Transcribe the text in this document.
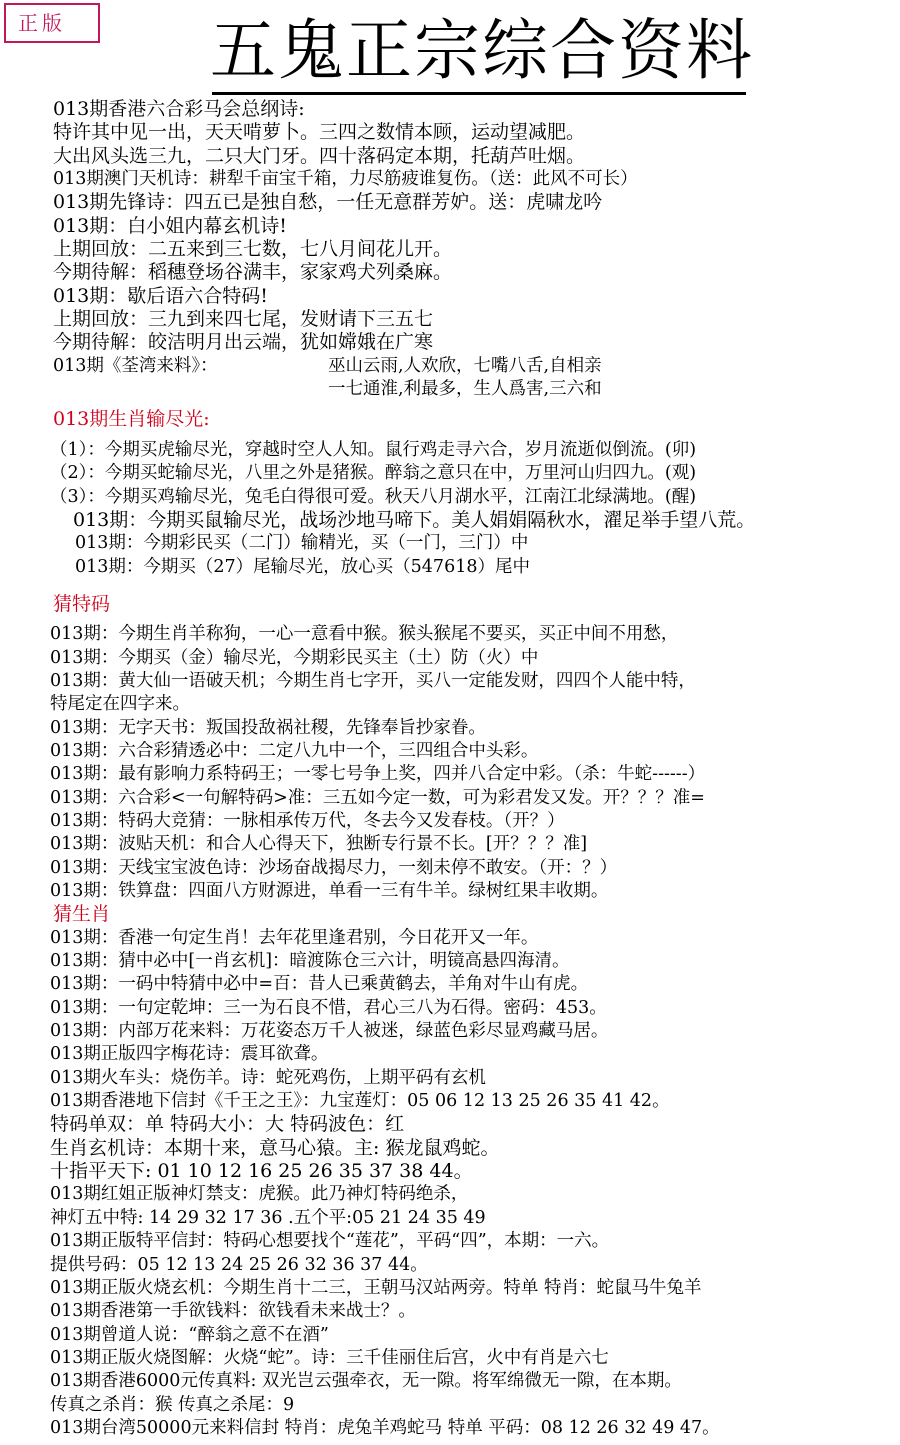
正版	五鬼正宗综合资料
013期香港六合彩马会总纲诗:
特许其中见一出，天天啃萝卜。三四之数情本顾，运动望减肥。
大出风头选三九，二只大门牙。四十落码定本期，托葫芦吐烟。
013期澳门天机诗：耕犁千亩宝千箱，力尽筋疲谁复伤。（送：此风不可长）
013期先锋诗：四五已是独自愁，一任无意群芳妒。送：虎啸龙吟
013期：白小姐内幕玄机诗!
上期回放：二五来到三七数，七八月间花儿开。
今期待解：稻穗登场谷满丰，家家鸡犬列桑麻。
013期：歇后语六合特码!
上期回放：三九到来四七尾，发财请下三五七
今期待解：皎洁明月出云端，犹如嫦娥在广寒
013期《荃湾来料》：	巫山云雨,人欢欣，七嘴八舌,自相亲
一七通淮,利最多，生人爲害,三六和
013期生肖输尽光:
（1）：今期买虎输尽光，穿越时空人人知。鼠行鸡走寻六合，岁月流逝似倒流。(卯)
（2）：今期买蛇输尽光，八里之外是猪猴。醉翁之意只在中，万里河山归四九。(观)
（3）：今期买鸡输尽光，兔毛白得很可爱。秋天八月湖水平，江南江北绿满地。(醒)
013期：今期买鼠输尽光，战场沙地马啼下。美人娟娟隔秋水，濯足举手望八荒。
013期：今期彩民买（二门）输精光，买（一门，三门）中
013期：今期买（27）尾输尽光，放心买（547618）尾中
猜特码
013期：今期生肖羊称狗，一心一意看中猴。猴头猴尾不要买，买正中间不用愁，
013期：今期买（金）输尽光，今期彩民买主（土）防（火）中
013期：黄大仙一语破天机；今期生肖七字开，买八一定能发财，四四个人能中特，
特尾定在四字来。
013期：无字天书：叛国投敌祸社稷，先锋奉旨抄家眷。
013期：六合彩猜透必中：二定八九中一个，三四组合中头彩。
013期：最有影响力系特码王；一零七号争上奖，四并八合定中彩。（杀：牛蛇------）
013期：六合彩<一句解特码>准：三五如今定一数，可为彩君发又发。开？？？准=
013期：特码大竞猜：一脉相承传万代，冬去今又发春枝。（开？）
013期：波贴天机：和合人心得天下，独断专行景不长。[开？？？准]
013期：天线宝宝波色诗：沙场奋战揭尽力，一刻未停不敢安。（开：？）
013期：铁算盘：四面八方财源进，单看一三有牛羊。绿树红果丰收期。
猜生肖
013期：香港一句定生肖！去年花里逢君别，今日花开又一年。
013期：猜中必中[一肖玄机]：暗渡陈仓三六计，明镜高悬四海清。
013期：一码中特猜中必中=百：昔人已乘黄鹤去，羊角对牛山有虎。
013期：一句定乾坤：三一为石良不惜，君心三八为石得。密码：453。
013期：内部万花来料：万花姿态万千人被迷，绿蓝色彩尽显鸡藏马居。
013期正版四字梅花诗：震耳欲聋。
013期火车头：烧伤羊。诗：蛇死鸡伤，上期平码有玄机
013期香港地下信封《千王之王》：九宝莲灯：05 06 12 13 25 26 35 41 42。
特码单双：单 特码大小：大 特码波色：红
生肖玄机诗：本期十来，意马心猿。主: 猴龙鼠鸡蛇。
十指平天下: 01 10 12 16 25 26 35 37 38 44。
013期红姐正版神灯禁支：虎猴。此乃神灯特码绝杀，
神灯五中特: 14 29 32 17 36 .五个平:05 21 24 35 49
013期正版特平信封：特码心想要找个“莲花”，平码“四”，本期：一六。
提供号码：05 12 13 24 25 26 32 36 37 44。
013期正版火烧玄机：今期生肖十二三，王朝马汉站两旁。特单 特肖：蛇鼠马牛兔羊
013期香港第一手欲钱料：欲钱看未来战士？。
013期曾道人说：“醉翁之意不在酒”
013期正版火烧图解：火烧“蛇”。诗：三千佳丽住后宫，火中有肖是六七
013期香港6000元传真料: 双光岂云强牵衣，无一隙。将军绵微无一隙，在本期。
传真之杀肖：猴 传真之杀尾：9
013期台湾50000元来料信封 特肖：虎兔羊鸡蛇马 特单 平码：08 12 26 32 49 47。
